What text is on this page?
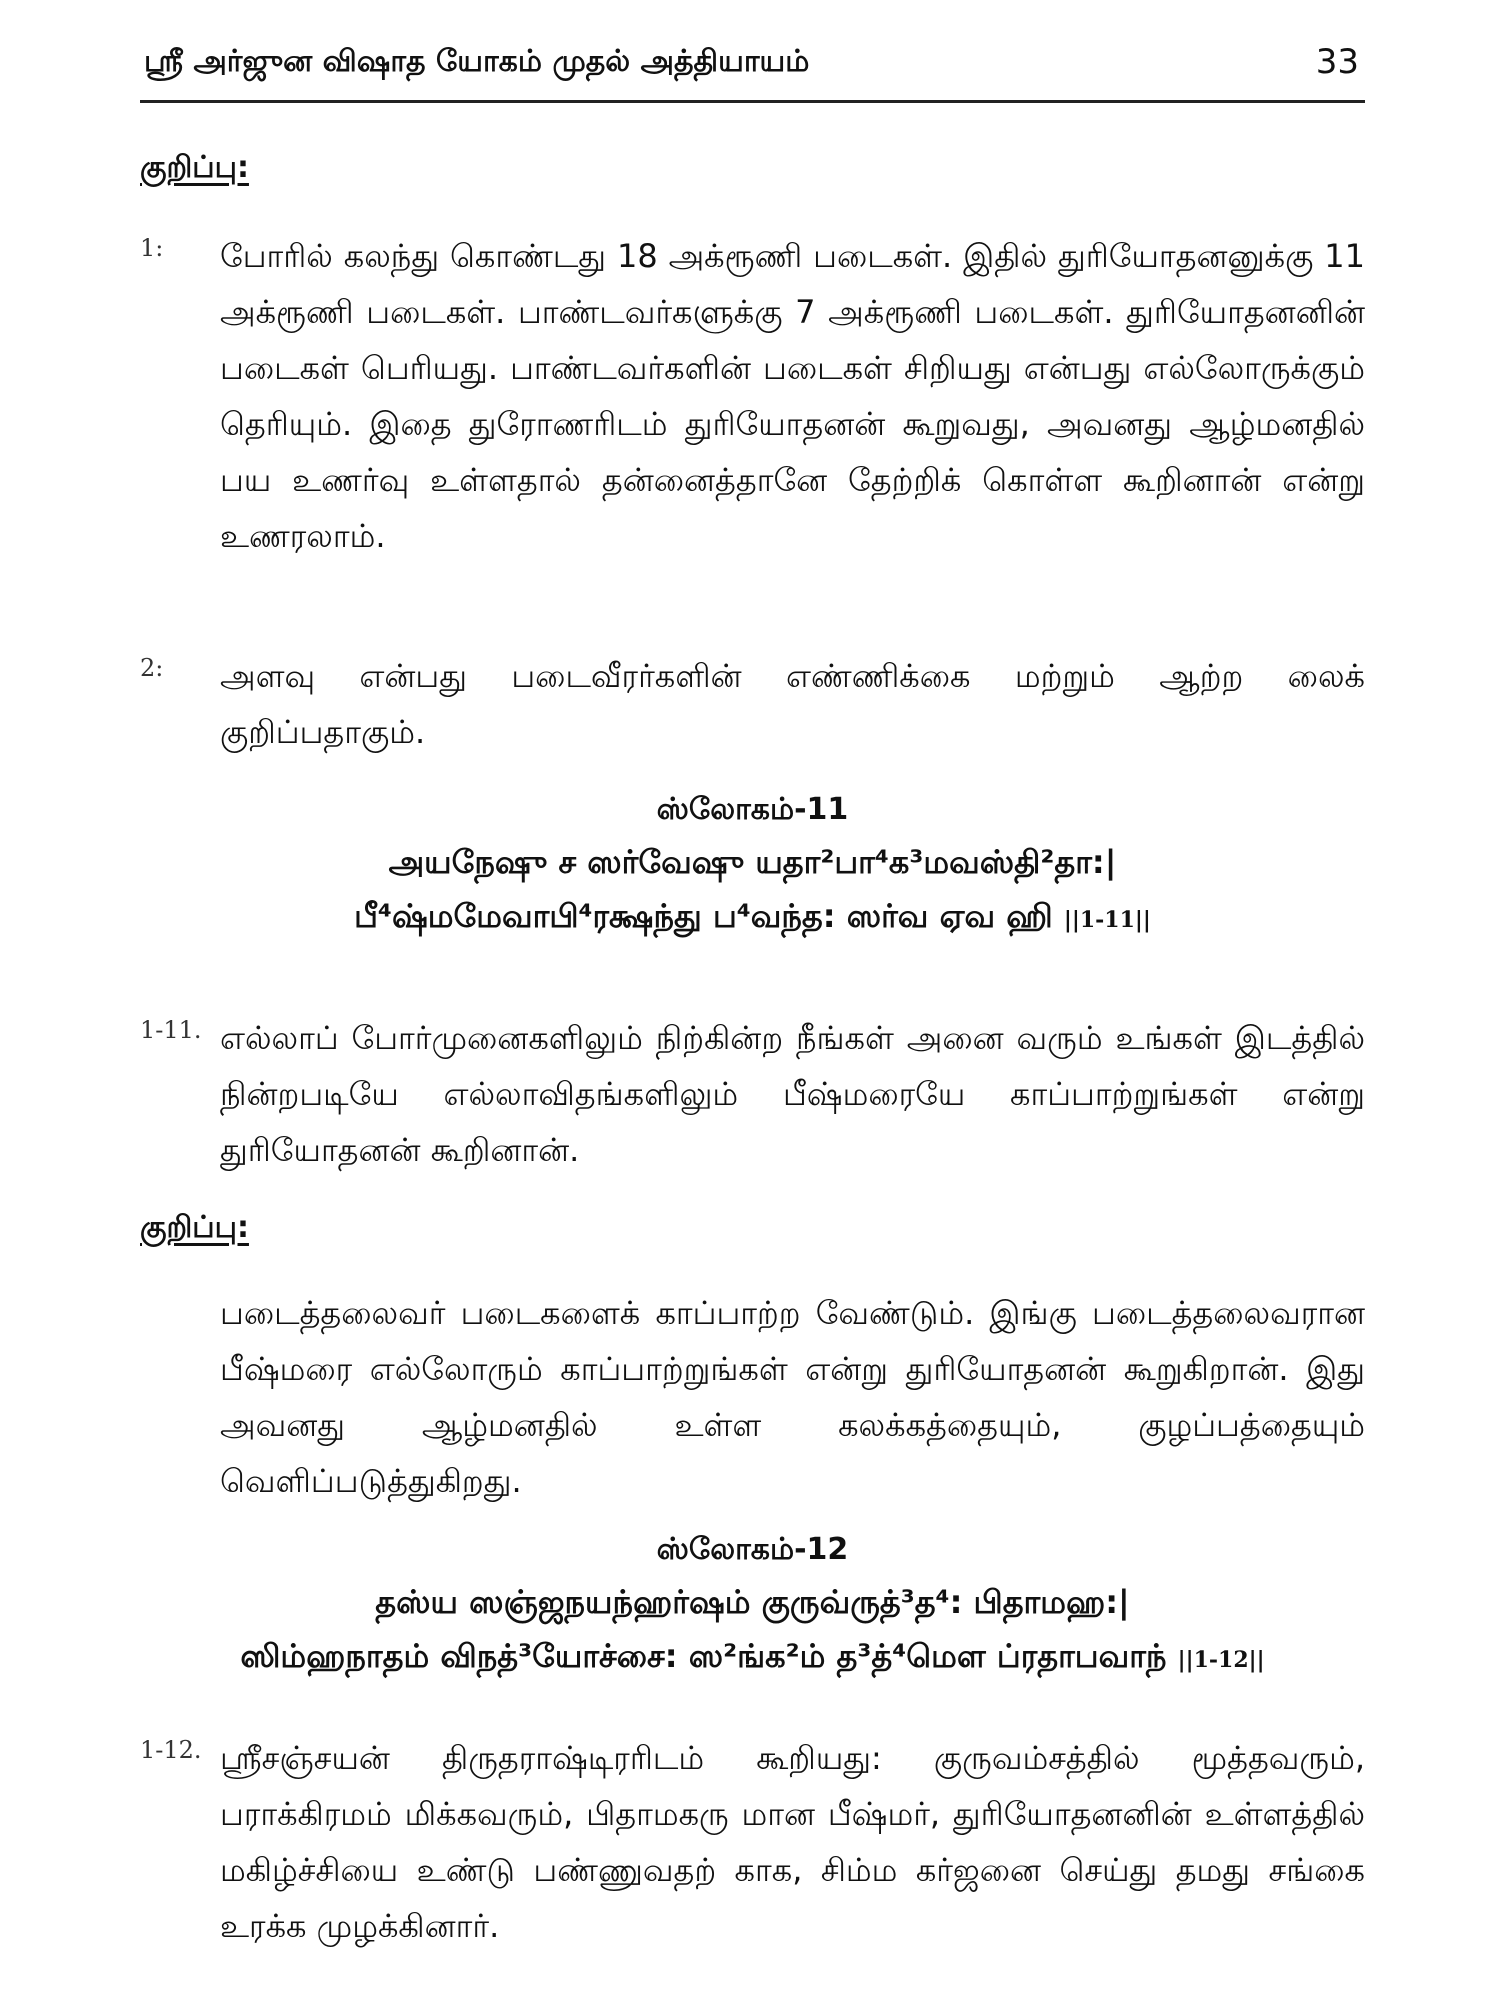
ஸ்ரீ அர்ஜுன விஷாத யோகம் முதல் அத்தியாயம்	33
குறிப்பு:
1: போரில் கலந்து கொண்டது 18 அக்ரூணி படைகள். இதில் துரியோதனனுக்கு 11 அக்ரூணி படைகள். பாண்டவர்களுக்கு 7 அக்ரூணி படைகள். துரியோதனனின் படைகள் பெரியது. பாண்டவர்களின் படைகள் சிறியது என்பது எல்லோருக்கும் தெரியும். இதை துரோணரிடம் துரியோதனன் கூறுவது, அவனது ஆழ்மனதில் பய உணர்வு உள்ளதால் தன்னைத்தானே தேற்றிக் கொள்ள கூறினான் என்று உணரலாம்.
2: அளவு என்பது படைவீரர்களின் எண்ணிக்கை மற்றும் ஆற்ற லைக் குறிப்பதாகும்.
ஸ்லோகம்-11
அயநேஷு ச ஸர்வேஷு யதா²பா⁴க³மவஸ்தி²தா:|
பீ⁴ஷ்மமேவாபி⁴ரக்ஷந்து ப⁴வந்த: ஸர்வ ஏவ ஹி ||1-11||
1-11. எல்லாப் போர்முனைகளிலும் நிற்கின்ற நீங்கள் அனை வரும் உங்கள் இடத்தில் நின்றபடியே எல்லாவிதங்களிலும் பீஷ்மரையே காப்பாற்றுங்கள் என்று துரியோதனன் கூறினான்.
குறிப்பு:
படைத்தலைவர் படைகளைக் காப்பாற்ற வேண்டும். இங்கு படைத்தலைவரான பீஷ்மரை எல்லோரும் காப்பாற்றுங்கள் என்று துரியோதனன் கூறுகிறான். இது அவனது ஆழ்மனதில் உள்ள கலக்கத்தையும், குழப்பத்தையும் வெளிப்படுத்துகிறது.
ஸ்லோகம்-12
தஸ்ய ஸஞ்ஜநயந்ஹர்ஷம் குருவ்ருத்³த⁴: பிதாமஹ:|
ஸிம்ஹநாதம் விநத்³யோச்சை: ஸ²ங்க²ம் த³த்⁴மௌ ப்ரதாபவாந் ||1-12||
1-12. ஸ்ரீசஞ்சயன் திருதராஷ்டிரரிடம் கூறியது: குருவம்சத்தில் மூத்தவரும், பராக்கிரமம் மிக்கவரும், பிதாமகரு மான பீஷ்மர், துரியோதனனின் உள்ளத்தில் மகிழ்ச்சியை உண்டு பண்ணுவதற் காக, சிம்ம கர்ஜனை செய்து தமது சங்கை உரக்க முழக்கினார்.
